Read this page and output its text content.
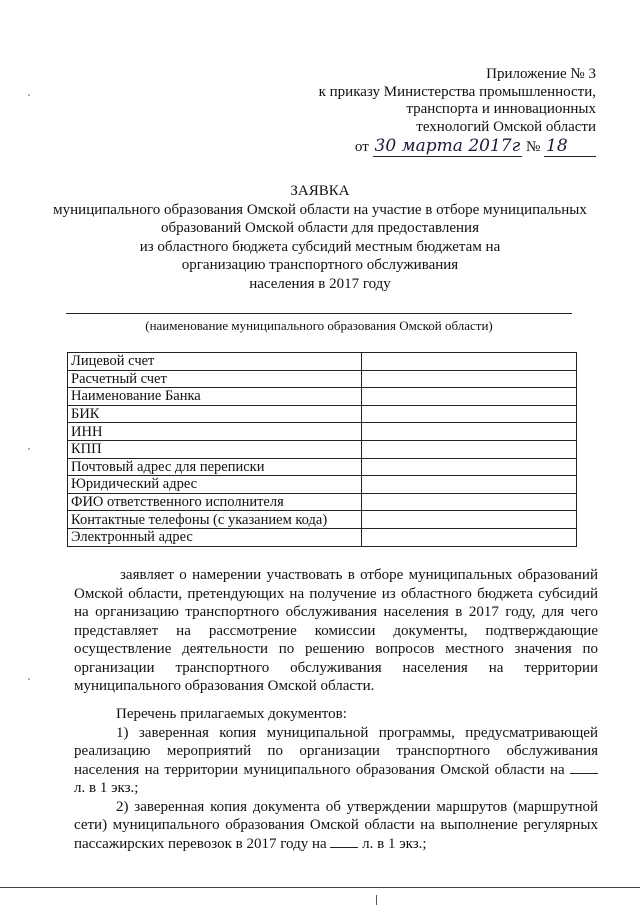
Приложение № 3
к приказу Министерства промышленности,
транспорта и инновационных
технологий Омской области
от 30 марта 2017г № 18
ЗАЯВКА
муниципального образования Омской области на участие в отборе муниципальных
образований Омской области для предоставления
из областного бюджета субсидий местным бюджетам на
организацию транспортного обслуживания
населения в 2017 году
(наименование муниципального образования Омской области)
Лицевой счет	
Расчетный счет	
Наименование Банка	
БИК	
ИНН	
КПП	
Почтовый адрес для переписки	
Юридический адрес	
ФИО ответственного исполнителя	
Контактные телефоны (с указанием кода)	
Электронный адрес	

заявляет о намерении участвовать в отборе муниципальных образований Омской области, претендующих на получение из областного бюджета субсидий на организацию транспортного обслуживания населения в 2017 году, для чего представляет на рассмотрение комиссии документы, подтверждающие осуществление деятельности по решению вопросов местного значения по организации транспортного обслуживания населения на территории муниципального образования Омской области.

Перечень прилагаемых документов:

1) заверенная копия муниципальной программы, предусматривающей реализацию мероприятий по организации транспортного обслуживания населения на территории муниципального образования Омской области на  л. в 1 экз.;

2) заверенная копия документа об утверждении маршрутов (маршрутной сети) муниципального образования Омской области на выполнение регулярных пассажирских перевозок в 2017 году на л. в 1 экз.;
